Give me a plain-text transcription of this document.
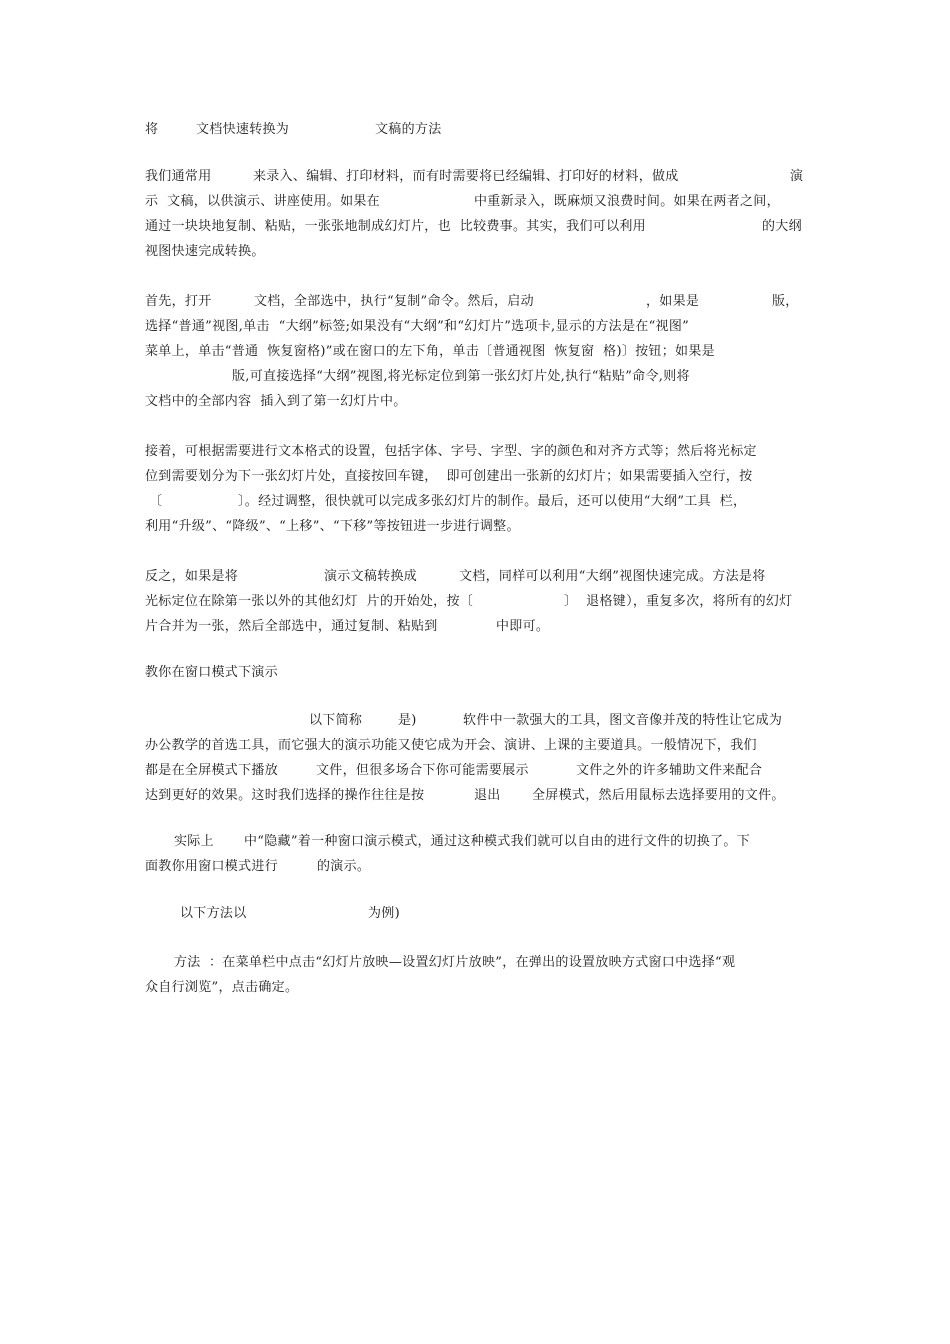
将	文档快速转换为	文稿的方法
我们通常用	来录入、编辑、打印材料，而有时需要将已经编辑、打印好的材料，做成	演
示  文稿，以供演示、讲座使用。如果在	中重新录入，既麻烦又浪费时间。如果在两者之间，
通过一块块地复制、粘贴，一张张地制成幻灯片，也  比较费事。其实，我们可以利用	的大纲
视图快速完成转换。
首先，打开	文档，全部选中，执行“复制”命令。然后，启动	，如果是	版，
选择“普通”视图,单击  “大纲”标签;如果没有“大纲”和“幻灯片”选项卡,显示的方法是在“视图”
菜单上，单击“普通  恢复窗格)”或在窗口的左下角，单击〔普通视图  恢复窗  格)〕按钮；如果是
版,可直接选择“大纲”视图,将光标定位到第一张幻灯片处,执行“粘贴”命令,则将
文档中的全部内容  插入到了第一幻灯片中。
接着，可根据需要进行文本格式的设置，包括字体、字号、字型、字的颜色和对齐方式等；然后将光标定
位到需要划分为下一张幻灯片处，直接按回车键，  即可创建出一张新的幻灯片；如果需要插入空行，按
〔	〕。经过调整，很快就可以完成多张幻灯片的制作。最后，还可以使用“大纲”工具  栏，
利用“升级”、“降级”、“上移”、“下移”等按钮进一步进行调整。
反之，如果是将	演示文稿转换成	文档，同样可以利用“大纲”视图快速完成。方法是将
光标定位在除第一张以外的其他幻灯  片的开始处，按〔	〕  退格键），重复多次，将所有的幻灯
片合并为一张，然后全部选中，通过复制、粘贴到	中即可。
教你在窗口模式下演示
以下简称	是)	软件中一款强大的工具，图文音像并茂的特性让它成为
办公教学的首选工具，而它强大的演示功能又使它成为开会、演讲、上课的主要道具。一般情况下，我们
都是在全屏模式下播放	文件，但很多场合下你可能需要展示	文件之外的许多辅助文件来配合
达到更好的效果。这时我们选择的操作往往是按	退出 全屏模式，然后用鼠标去选择要用的文件。
实际上 中“隐藏”着一种窗口演示模式，通过这种模式我们就可以自由的进行文件的切换了。下
面教你用窗口模式进行	的演示。
以下方法以	为例)
方法 ：在菜单栏中点击“幻灯片放映—设置幻灯片放映”，在弹出的设置放映方式窗口中选择“观
众自行浏览”，点击确定。
